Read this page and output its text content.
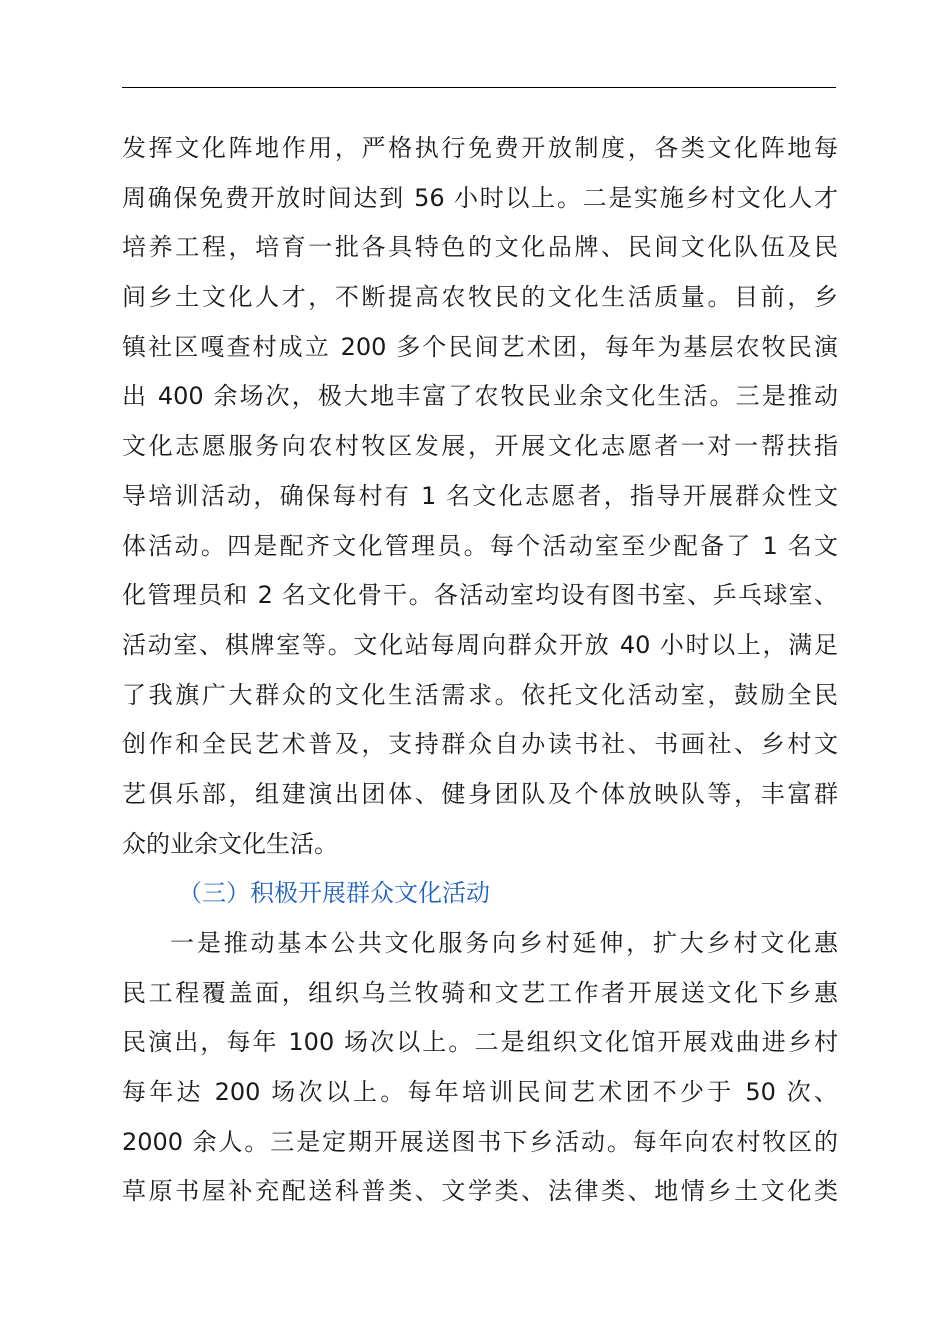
发挥文化阵地作用，严格执行免费开放制度，各类文化阵地每
周确保免费开放时间达到 56 小时以上。二是实施乡村文化人才
培养工程，培育一批各具特色的文化品牌、民间文化队伍及民
间乡土文化人才，不断提高农牧民的文化生活质量。目前，乡
镇社区嘎查村成立 200 多个民间艺术团，每年为基层农牧民演
出 400 余场次，极大地丰富了农牧民业余文化生活。三是推动
文化志愿服务向农村牧区发展，开展文化志愿者一对一帮扶指
导培训活动，确保每村有 1 名文化志愿者，指导开展群众性文
体活动。四是配齐文化管理员。每个活动室至少配备了 1 名文
化管理员和 2 名文化骨干。各活动室均设有图书室、乒乓球室、
活动室、棋牌室等。文化站每周向群众开放 40 小时以上，满足
了我旗广大群众的文化生活需求。依托文化活动室，鼓励全民
创作和全民艺术普及，支持群众自办读书社、书画社、乡村文
艺俱乐部，组建演出团体、健身团队及个体放映队等，丰富群
众的业余文化生活。
（三）积极开展群众文化活动
一是推动基本公共文化服务向乡村延伸，扩大乡村文化惠
民工程覆盖面，组织乌兰牧骑和文艺工作者开展送文化下乡惠
民演出，每年 100 场次以上。二是组织文化馆开展戏曲进乡村
每年达 200 场次以上。每年培训民间艺术团不少于 50 次、
2000 余人。三是定期开展送图书下乡活动。每年向农村牧区的
草原书屋补充配送科普类、文学类、法律类、地情乡土文化类
